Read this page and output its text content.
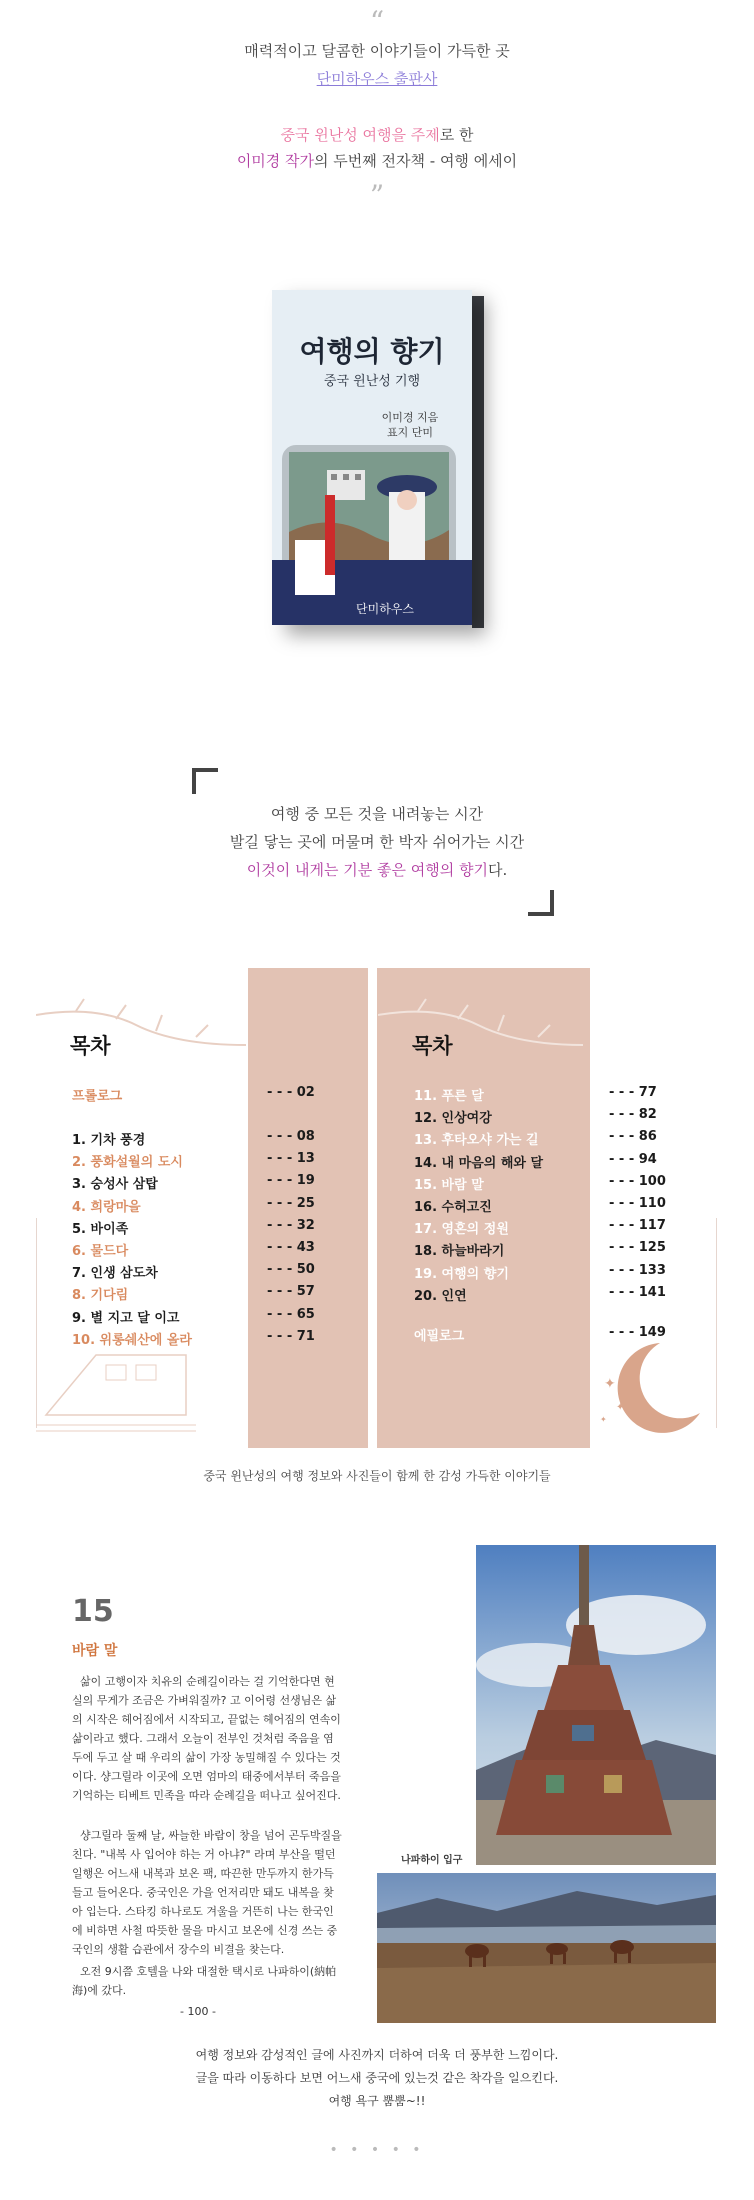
“
매력적이고 달콤한 이야기들이 가득한 곳
단미하우스 출판사
중국 윈난성 여행을 주제로 한
이미경 작가의 두번째 전자책 - 여행 에세이
”
여행의 향기
중국 윈난성 기행
이미경 지음
표지 단미
단미하우스
여행 중 모든 것을 내려놓는 시간
발길 닿는 곳에 머물며 한 박자 쉬어가는 시간
이것이 내게는 기분 좋은 여행의 향기다.
✦
✦
✦
목차	목차
프롤로그	- - - 02
1. 기차 풍경	- - - 08
2. 풍화설월의 도시	- - - 13
3. 숭성사 삼탑	- - - 19
4. 희랑마을	- - - 25
5. 바이족	- - - 32
6. 물드다	- - - 43
7. 인생 삼도차	- - - 50
8. 기다림	- - - 57
9. 별 지고 달 이고	- - - 65
10. 위롱쉐산에 올라	- - - 71
11. 푸른 달	- - - 77
12. 인상여강	- - - 82
13. 후타오샤 가는 길	- - - 86
14. 내 마음의 해와 달	- - - 94
15. 바람 말	- - - 100
16. 수허고진	- - - 110
17. 영혼의 정원	- - - 117
18. 하늘바라기	- - - 125
19. 여행의 향기	- - - 133
20. 인연	- - - 141
에필로그	- - - 149
중국 윈난성의 여행 정보와 사진들이 함께 한 감성 가득한 이야기들
15
바람 말
삶이 고행이자 치유의 순례길이라는 걸 기억한다면 현실의 무게가 조금은 가벼워질까? 고 이어령 선생님은 삶의 시작은 헤어짐에서 시작되고, 끝없는 헤어짐의 연속이 삶이라고 했다. 그래서 오늘이 전부인 것처럼 죽음을 염두에 두고 살 때 우리의 삶이 가장 농밀해질 수 있다는 것이다. 샹그릴라 이곳에 오면 엄마의 태중에서부터 죽음을 기억하는 티베트 민족을 따라 순례길을 떠나고 싶어진다.
샹그릴라 둘째 날, 싸늘한 바람이 창을 넘어 곤두박질을 친다. "내복 사 입어야 하는 거 아냐?" 라며 부산을 떨던 일행은 어느새 내복과 보온 팩, 따끈한 만두까지 한가득 들고 들어온다. 중국인은 가을 언저리만 돼도 내복을 찾아 입는다. 스타킹 하나로도 겨울을 거뜬히 나는 한국인에 비하면 사철 따뜻한 물을 마시고 보온에 신경 쓰는 중국인의 생활 습관에서 장수의 비결을 찾는다.
오전 9시쯤 호텔을 나와 대절한 택시로 나파하이(納帕海)에 갔다.
- 100 -
나파하이 입구
여행 정보와 감성적인 글에 사진까지 더하여 더욱 더 풍부한 느낌이다.
글을 따라 이동하다 보면 어느새 중국에 있는것 같은 착각을 일으킨다.
여행 욕구 뿜뿜~!!
• • • • •
